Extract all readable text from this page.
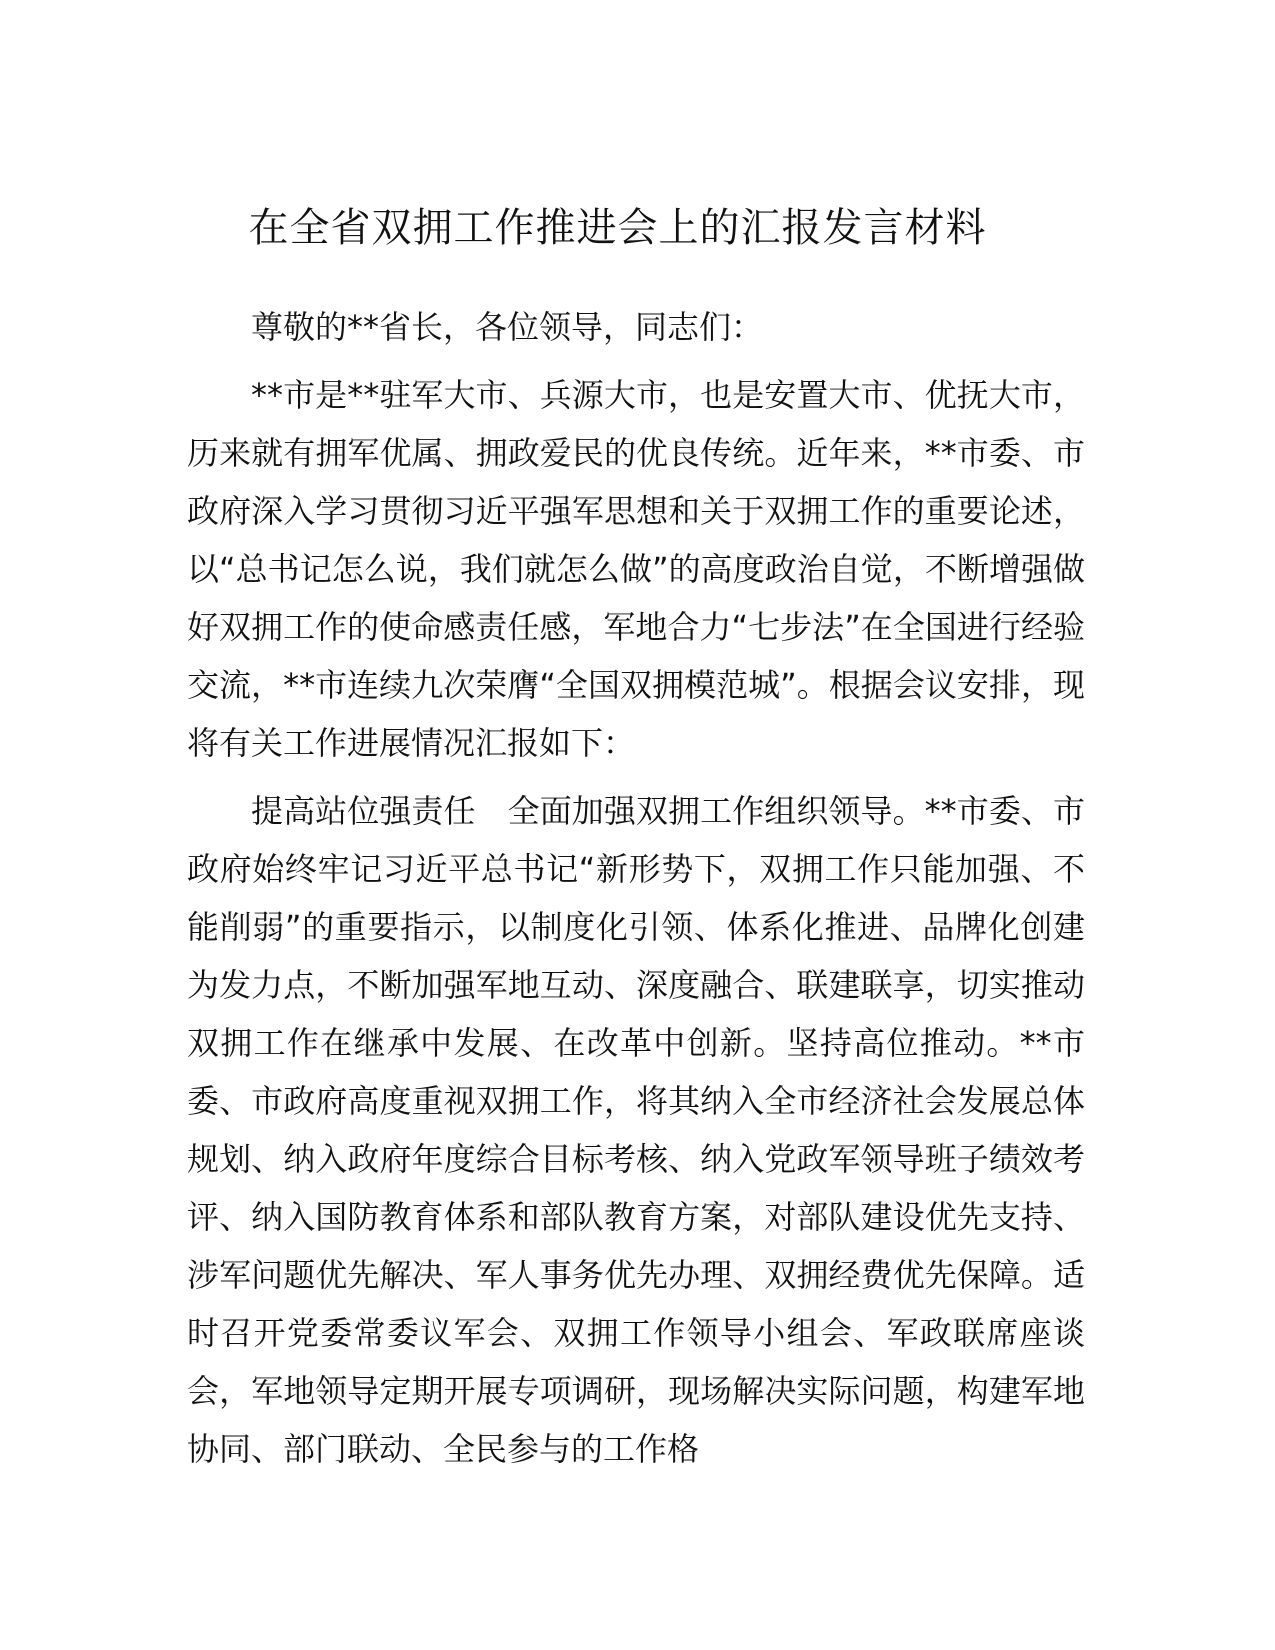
在全省双拥工作推进会上的汇报发言材料

尊敬的**省长，各位领导，同志们：

**市是**驻军大市、兵源大市，也是安置大市、优抚大市，历来就有拥军优属、拥政爱民的优良传统。近年来，**市委、市政府深入学习贯彻习近平强军思想和关于双拥工作的重要论述，以“总书记怎么说，我们就怎么做”的高度政治自觉，不断增强做好双拥工作的使命感责任感，军地合力“七步法”在全国进行经验交流，**市连续九次荣膺“全国双拥模范城”。根据会议安排，现将有关工作进展情况汇报如下：

提高站位强责任　全面加强双拥工作组织领导。**市委、市政府始终牢记习近平总书记“新形势下，双拥工作只能加强、不能削弱”的重要指示，以制度化引领、体系化推进、品牌化创建为发力点，不断加强军地互动、深度融合、联建联享，切实推动双拥工作在继承中发展、在改革中创新。坚持高位推动。**市委、市政府高度重视双拥工作，将其纳入全市经济社会发展总体规划、纳入政府年度综合目标考核、纳入党政军领导班子绩效考评、纳入国防教育体系和部队教育方案，对部队建设优先支持、涉军问题优先解决、军人事务优先办理、双拥经费优先保障。适时召开党委常委议军会、双拥工作领导小组会、军政联席座谈会，军地领导定期开展专项调研，现场解决实际问题，构建军地协同、部门联动、全民参与的工作格
